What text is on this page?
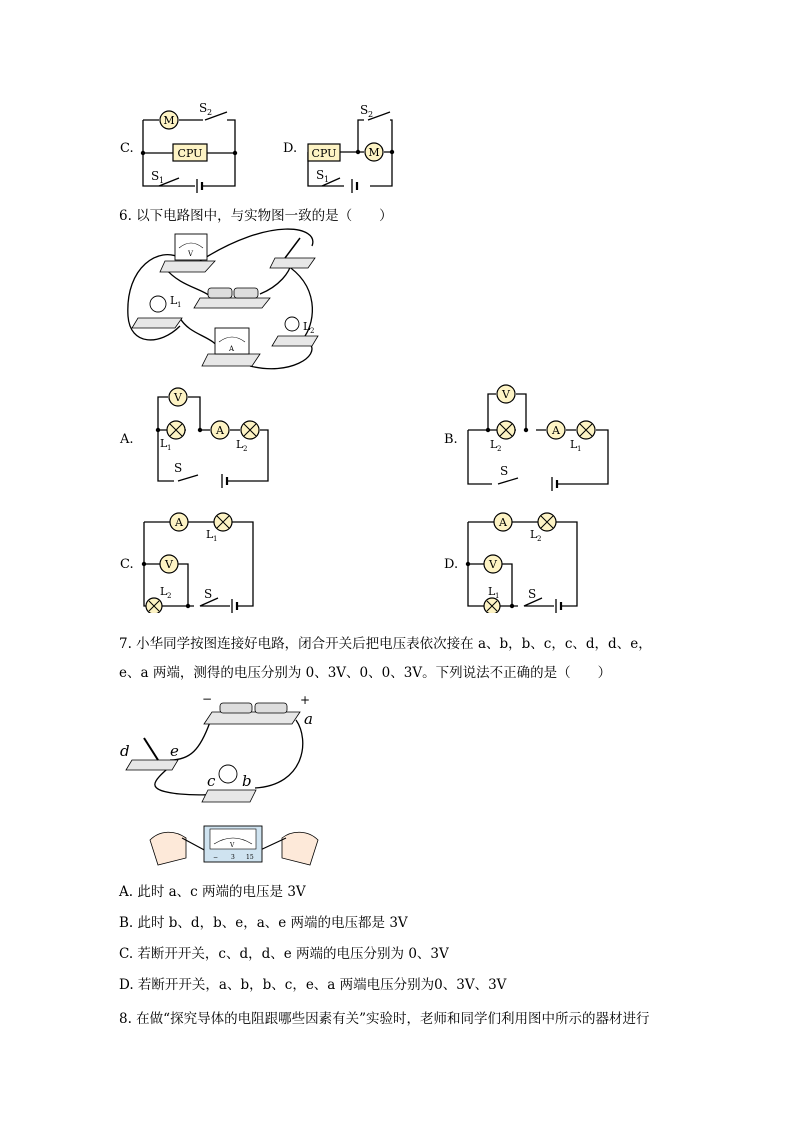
C.
M
CPU
S 2
S 1
D. CPU	M
S 2
S 1
6. 以下电路图中，与实物图一致的是（　　）
V
L 1
A
L 2
A.
V
A
L 1	L 2
S
B.
V
A
L 2	L 1
S
C.
A
L 1
V
L 2	S
D.
A
L 2
V
L 1 S
7. 小华同学按图连接好电路，闭合开关后把电压表依次接在 a、b，b、c，c、d，d、e，
e、a 两端，测得的电压分别为 0、3V、0、0、3V。下列说法不正确的是（　　）
−	+
a
d	e
c b
V
− 3 15
A. 此时 a、c 两端的电压是 3V
B. 此时 b、d，b、e，a、e 两端的电压都是 3V
C. 若断开开关，c、d，d、e 两端的电压分别为 0、3V
D. 若断开开关，a、b，b、c，e、a 两端电压分别为0、3V、3V
8. 在做“探究导体的电阻跟哪些因素有关”实验时，老师和同学们利用图中所示的器材进行
